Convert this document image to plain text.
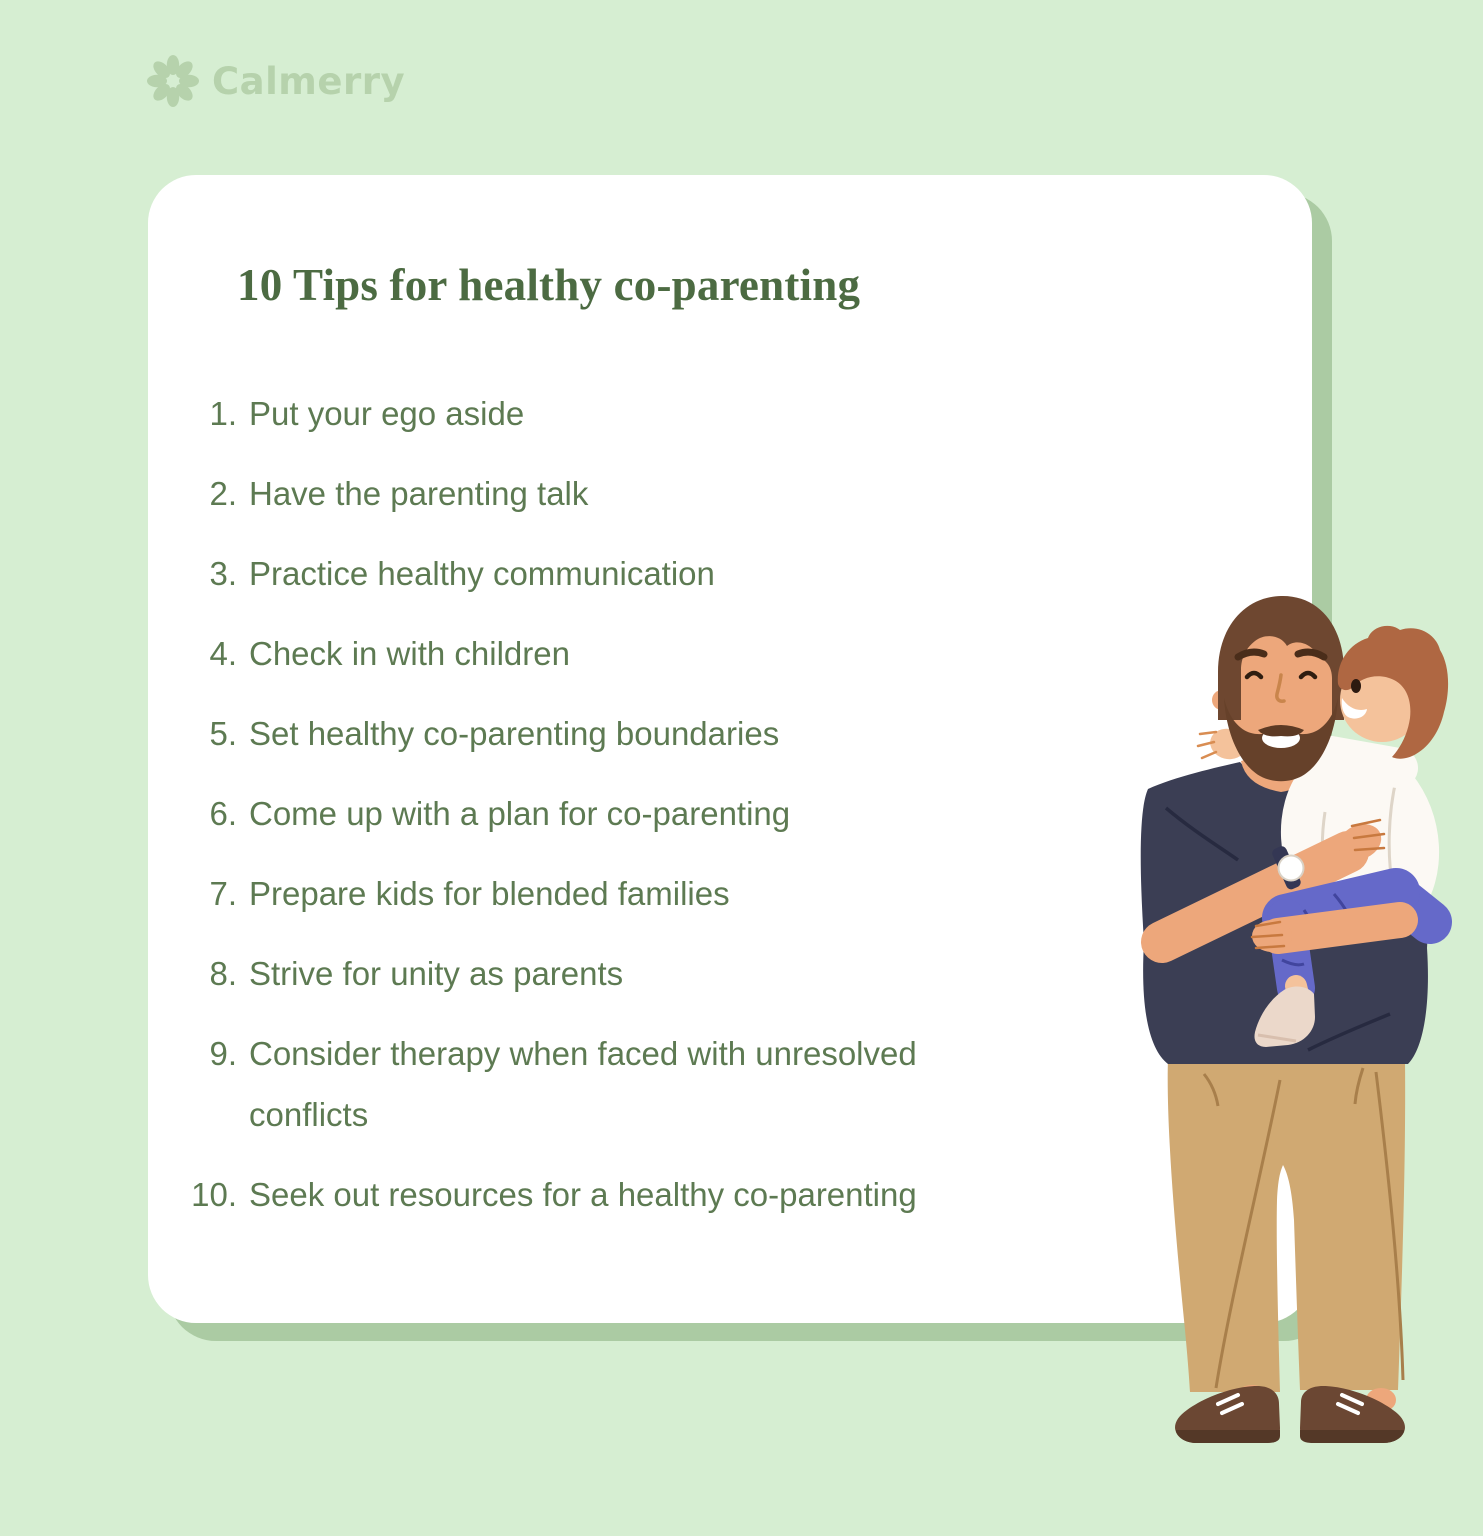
Calmerry
10 Tips for healthy co-parenting
1. Put your ego aside
2. Have the parenting talk
3. Practice healthy communication
4. Check in with children
5. Set healthy co-parenting boundaries
6. Come up with a plan for co-parenting
7. Prepare kids for blended families
8. Strive for unity as parents
9. Consider therapy when faced with unresolved conflicts
10. Seek out resources for a healthy co-parenting
